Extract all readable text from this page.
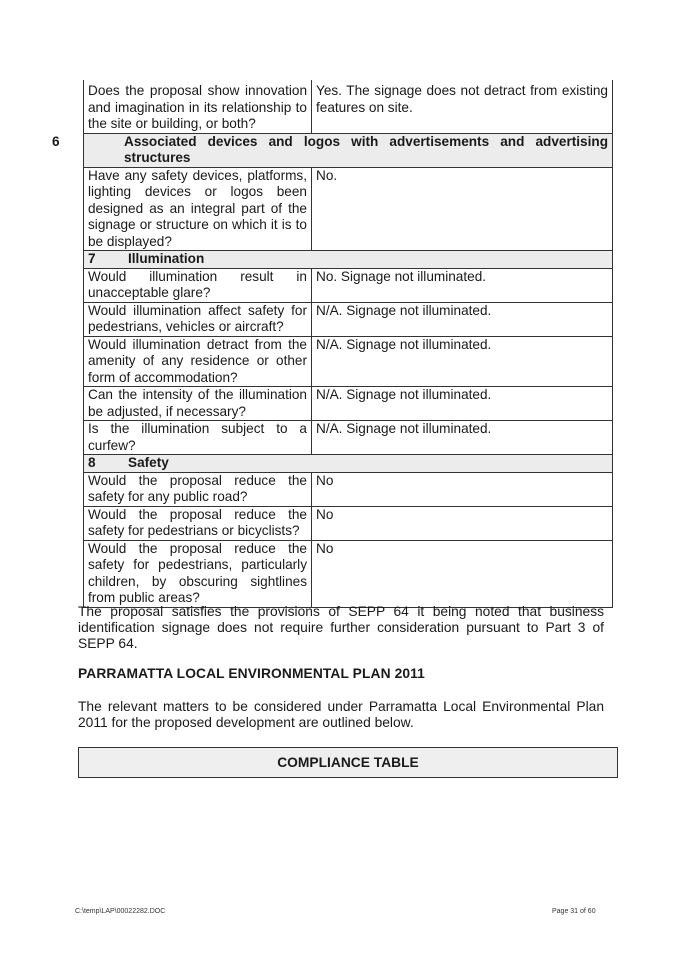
Does the proposal show innovation and imagination in its relationship to the site or building, or both?	Yes. The signage does not detract from existing features on site.

6 Associated devices and logos with advertisements and advertising structures	

Have any safety devices, platforms, lighting devices or logos been designed as an integral part of the signage or structure on which it is to be displayed?	No.
7 Illumination	
Would illumination result in unacceptable glare?	No. Signage not illuminated.
Would illumination affect safety for pedestrians, vehicles or aircraft?	N/A. Signage not illuminated.
Would illumination detract from the amenity of any residence or other form of accommodation?	N/A. Signage not illuminated.
Can the intensity of the illumination be adjusted, if necessary?	N/A. Signage not illuminated.
Is the illumination subject to a curfew?	N/A. Signage not illuminated.
8 Safety	
Would the proposal reduce the safety for any public road?	No
Would the proposal reduce the safety for pedestrians or bicyclists?	No
Would the proposal reduce the safety for pedestrians, particularly children, by obscuring sightlines from public areas?	No

The proposal satisfies the provisions of SEPP 64 it being noted that business identification signage does not require further consideration pursuant to Part 3 of SEPP 64.

PARRAMATTA LOCAL ENVIRONMENTAL PLAN 2011

The relevant matters to be considered under Parramatta Local Environmental Plan 2011 for the proposed development are outlined below.

COMPLIANCE TABLE
C:\temp\LAP\00022282.DOC	Page 31 of 60
